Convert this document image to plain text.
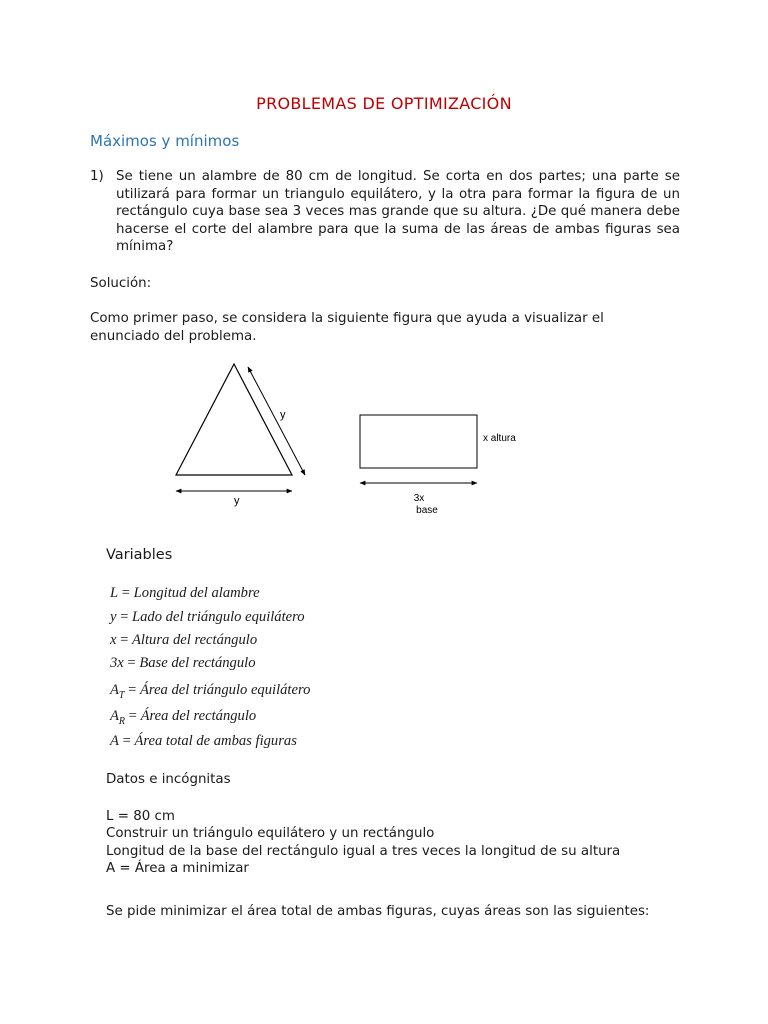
PROBLEMAS DE OPTIMIZACIÓN
Máximos y mínimos
1) Se tiene un alambre de 80 cm de longitud. Se corta en dos partes; una parte se utilizará para formar un triangulo equilátero, y la otra para formar la figura de un rectángulo cuya base sea 3 veces mas grande que su altura. ¿De qué manera debe hacerse el corte del alambre para que la suma de las áreas de ambas figuras sea mínima?
Solución:
Como primer paso, se considera la siguiente figura que ayuda a visualizar el enunciado del problema.
y
y
x altura
3x
base
Variables
L = Longitud del alambre
y = Lado del triángulo equilátero
x = Altura del rectángulo
3x = Base del rectángulo
$A_T$ = Área del triángulo equilátero
$A_R$ = Área del rectángulo
A = Área total de ambas figuras
Datos e incógnitas
L = 80 cm
Construir un triángulo equilátero y un rectángulo
Longitud de la base del rectángulo igual a tres veces la longitud de su altura
A = Área a minimizar
Se pide minimizar el área total de ambas figuras, cuyas áreas son las siguientes:
